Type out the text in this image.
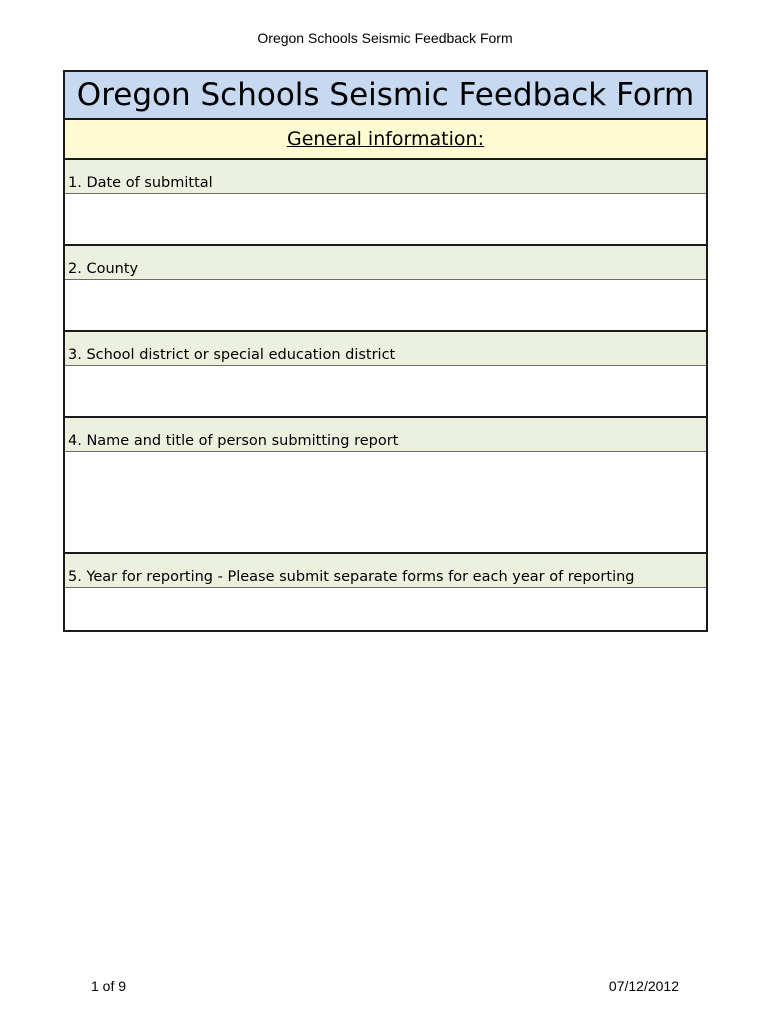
Oregon Schools Seismic Feedback Form
Oregon Schools Seismic Feedback Form
General information:
1. Date of submittal
2. County
3. School district or special education district
4. Name and title of person submitting report
5. Year for reporting - Please submit separate forms for each year of reporting
1 of 9	07/12/2012
